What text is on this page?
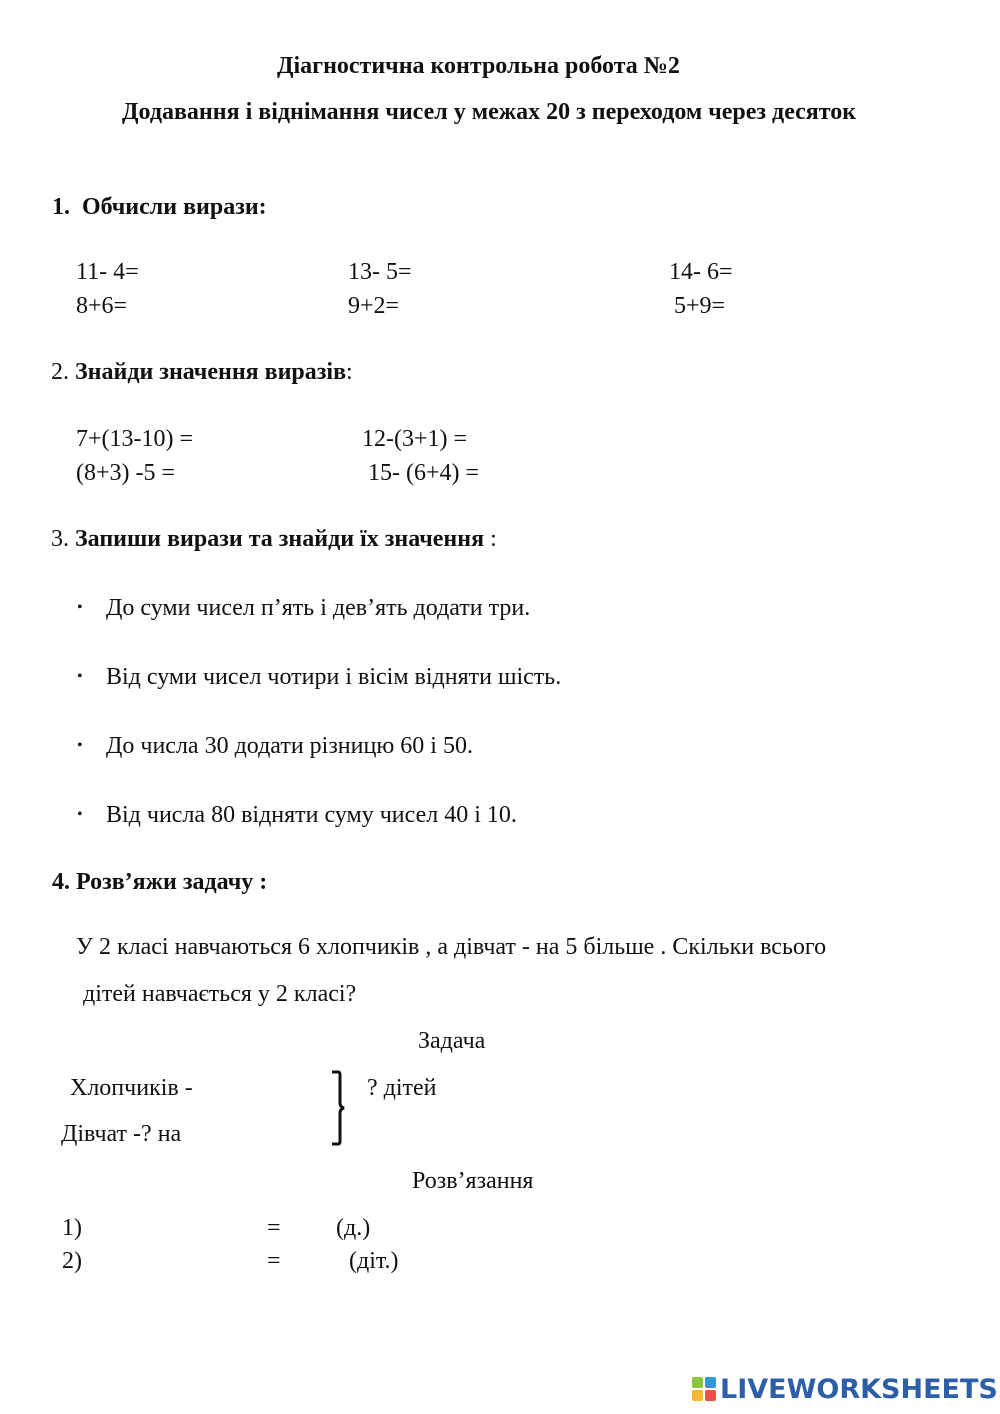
Діагностична контрольна робота №2
Додавання і віднімання чисел у межах 20 з переходом через десяток
1. Обчисли вирази:
11- 4=	13- 5=	14- 6=
8+6=	9+2=	5+9=
2. Знайди значення виразів:
7+(13-10) =	12-(3+1) =
(8+3) -5 =	15- (6+4) =
3. Запиши вирази та знайди їх значення :
• До суми чисел п’ять і дев’ять додати три.
• Від суми чисел чотири і вісім відняти шість.
• До числа 30 додати різницю 60 і 50.
• Від числа 80 відняти суму чисел 40 і 10.
4. Розв’яжи задачу :
У 2 класі навчаються 6 хлопчиків , а дівчат - на 5 більше . Скільки всього
дітей навчається у 2 класі?
Задача
Хлопчиків -
Дівчат -? на
? дітей
Розв’язання
1)	= (д.)
2)	=	(діт.)
LIVEWORKSHEETS
